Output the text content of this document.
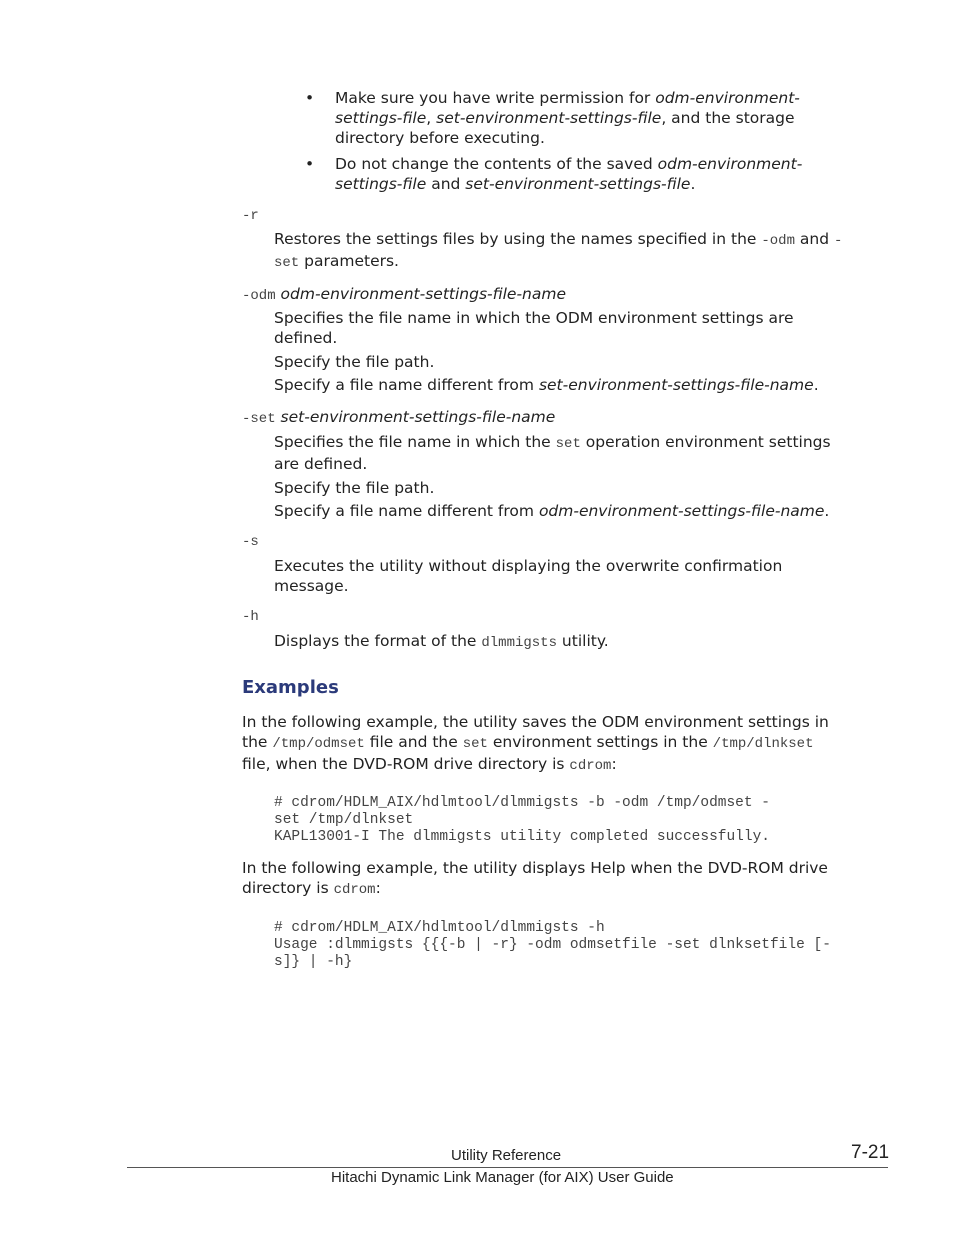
• Make sure you have write permission for odm-environment-
settings-file, set-environment-settings-file, and the storage
directory before executing.
• Do not change the contents of the saved odm-environment-
settings-file and set-environment-settings-file.
-r
Restores the settings files by using the names specified in the -odm and -
set parameters.
-odm odm-environment-settings-file-name
Specifies the file name in which the ODM environment settings are
defined.
Specify the file path.
Specify a file name different from set-environment-settings-file-name.
-set set-environment-settings-file-name
Specifies the file name in which the set operation environment settings
are defined.
Specify the file path.
Specify a file name different from odm-environment-settings-file-name.
-s
Executes the utility without displaying the overwrite confirmation
message.
-h
Displays the format of the dlmmigsts utility.
Examples
In the following example, the utility saves the ODM environment settings in
the /tmp/odmset file and the set environment settings in the /tmp/dlnkset
file, when the DVD-ROM drive directory is cdrom:
# cdrom/HDLM_AIX/hdlmtool/dlmmigsts -b -odm /tmp/odmset -
set /tmp/dlnkset
KAPL13001-I The dlmmigsts utility completed successfully.
In the following example, the utility displays Help when the DVD-ROM drive
directory is cdrom:
# cdrom/HDLM_AIX/hdlmtool/dlmmigsts -h
Usage :dlmmigsts {{{-b | -r} -odm odmsetfile -set dlnksetfile [-
s]} | -h}
Utility Reference	7-21
Hitachi Dynamic Link Manager (for AIX) User Guide
